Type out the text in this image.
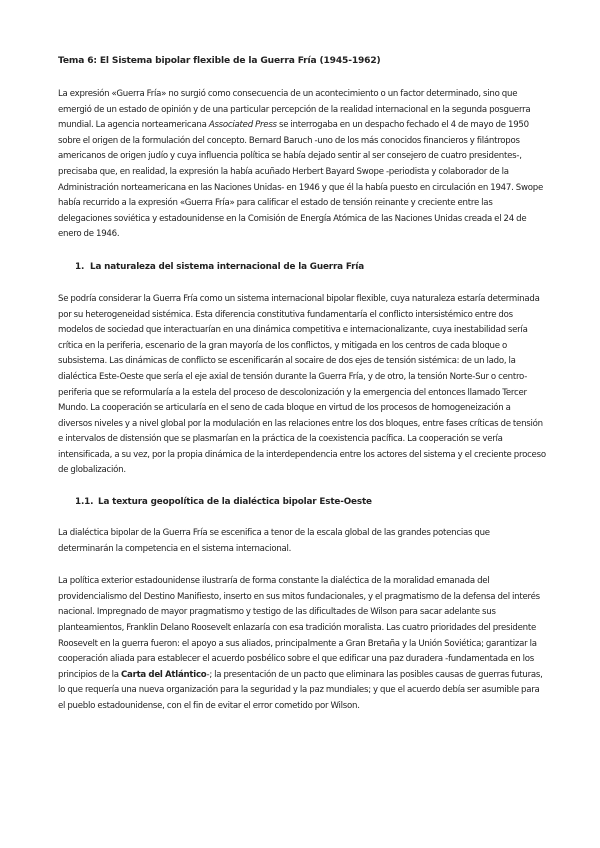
Tema 6: El Sistema bipolar flexible de la Guerra Fría (1945-1962)

La expresión «Guerra Fría» no surgió como consecuencia de un acontecimiento o un factor determinado, sino que emergió de un estado de opinión y de una particular percepción de la realidad internacional en la segunda posguerra mundial. La agencia norteamericana Associated Press se interrogaba en un despacho fechado el 4 de mayo de 1950 sobre el origen de la formulación del concepto. Bernard Baruch -uno de los más conocidos financieros y filántropos americanos de origen judío y cuya influencia política se había dejado sentir al ser consejero de cuatro presidentes-, precisaba que, en realidad, la expresión la había acuñado Herbert Bayard Swope -periodista y colaborador de la Administración norteamericana en las Naciones Unidas- en 1946 y que él la había puesto en circulación en 1947. Swope había recurrido a la expresión «Guerra Fría» para calificar el estado de tensión reinante y creciente entre las delegaciones soviética y estadounidense en la Comisión de Energía Atómica de las Naciones Unidas creada el 24 de enero de 1946.

1. La naturaleza del sistema internacional de la Guerra Fría

Se podría considerar la Guerra Fría como un sistema internacional bipolar flexible, cuya naturaleza estaría determinada por su heterogeneidad sistémica. Esta diferencia constitutiva fundamentaría el conflicto intersistémico entre dos modelos de sociedad que interactuarían en una dinámica competitiva e internacionalizante, cuya inestabilidad sería crítica en la periferia, escenario de la gran mayoría de los conflictos, y mitigada en los centros de cada bloque o subsistema. Las dinámicas de conflicto se escenificarán al socaire de dos ejes de tensión sistémica: de un lado, la dialéctica Este-Oeste que sería el eje axial de tensión durante la Guerra Fría, y de otro, la tensión Norte-Sur o centro-periferia que se reformularía a la estela del proceso de descolonización y la emergencia del entonces llamado Tercer Mundo. La cooperación se articularía en el seno de cada bloque en virtud de los procesos de homogeneización a diversos niveles y a nivel global por la modulación en las relaciones entre los dos bloques, entre fases críticas de tensión e intervalos de distensión que se plasmarían en la práctica de la coexistencia pacífica. La cooperación se vería intensificada, a su vez, por la propia dinámica de la interdependencia entre los actores del sistema y el creciente proceso de globalización.

1.1. La textura geopolítica de la dialéctica bipolar Este-Oeste

La dialéctica bipolar de la Guerra Fría se escenifica a tenor de la escala global de las grandes potencias que determinarán la competencia en el sistema internacional.

La política exterior estadounidense ilustraría de forma constante la dialéctica de la moralidad emanada del providencialismo del Destino Manifiesto, inserto en sus mitos fundacionales, y el pragmatismo de la defensa del interés nacional. Impregnado de mayor pragmatismo y testigo de las dificultades de Wilson para sacar adelante sus planteamientos, Franklin Delano Roosevelt enlazaría con esa tradición moralista. Las cuatro prioridades del presidente Roosevelt en la guerra fueron: el apoyo a sus aliados, principalmente a Gran Bretaña y la Unión Soviética; garantizar la cooperación aliada para establecer el acuerdo posbélico sobre el que edificar una paz duradera -fundamentada en los principios de la Carta del Atlántico-; la presentación de un pacto que eliminara las posibles causas de guerras futuras, lo que requería una nueva organización para la seguridad y la paz mundiales; y que el acuerdo debía ser asumible para el pueblo estadounidense, con el fin de evitar el error cometido por Wilson.
